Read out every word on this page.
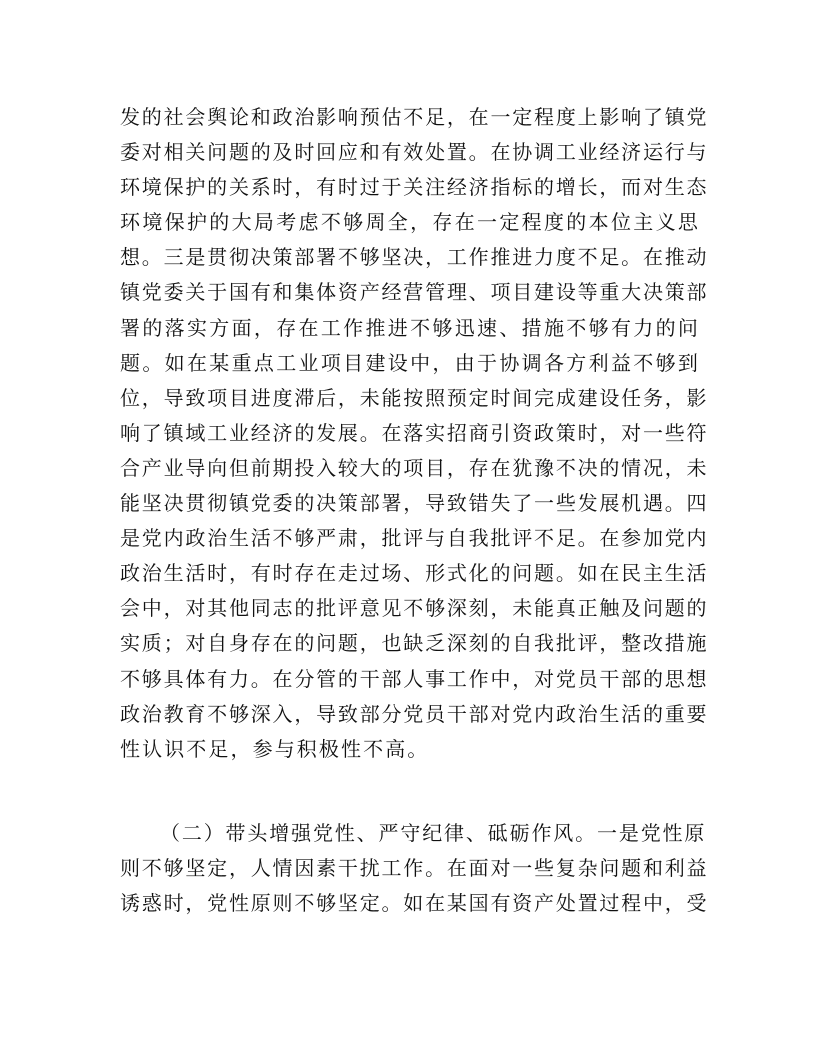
发的社会舆论和政治影响预估不足，在一定程度上影响了镇党
委对相关问题的及时回应和有效处置。在协调工业经济运行与
环境保护的关系时，有时过于关注经济指标的增长，而对生态
环境保护的大局考虑不够周全，存在一定程度的本位主义思
想。三是贯彻决策部署不够坚决，工作推进力度不足。在推动
镇党委关于国有和集体资产经营管理、项目建设等重大决策部
署的落实方面，存在工作推进不够迅速、措施不够有力的问
题。如在某重点工业项目建设中，由于协调各方利益不够到
位，导致项目进度滞后，未能按照预定时间完成建设任务，影
响了镇域工业经济的发展。在落实招商引资政策时，对一些符
合产业导向但前期投入较大的项目，存在犹豫不决的情况，未
能坚决贯彻镇党委的决策部署，导致错失了一些发展机遇。四
是党内政治生活不够严肃，批评与自我批评不足。在参加党内
政治生活时，有时存在走过场、形式化的问题。如在民主生活
会中，对其他同志的批评意见不够深刻，未能真正触及问题的
实质；对自身存在的问题，也缺乏深刻的自我批评，整改措施
不够具体有力。在分管的干部人事工作中，对党员干部的思想
政治教育不够深入，导致部分党员干部对党内政治生活的重要
性认识不足，参与积极性不高。
（二）带头增强党性、严守纪律、砥砺作风。一是党性原
则不够坚定，人情因素干扰工作。在面对一些复杂问题和利益
诱惑时，党性原则不够坚定。如在某国有资产处置过程中，受
